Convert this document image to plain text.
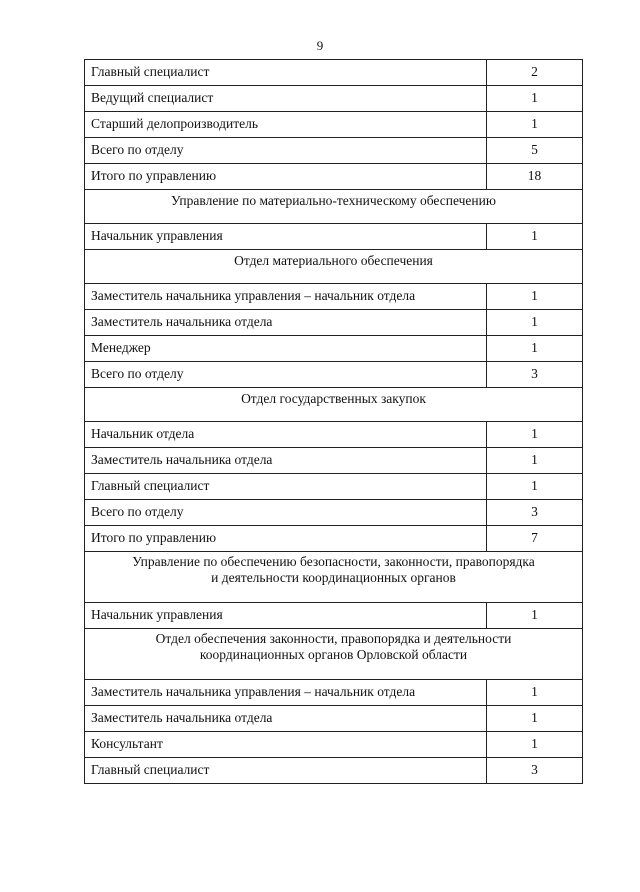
9
Главный специалист	2
Ведущий специалист	1
Старший делопроизводитель	1
Всего по отделу	5
Итого по управлению	18

Управление по материально-техническому обеспечению	

Начальник управления	1

Отдел материального обеспечения	

Заместитель начальника управления – начальник отдела	1
Заместитель начальника отдела	1
Менеджер	1
Всего по отделу	3

Отдел государственных закупок	

Начальник отдела	1
Заместитель начальника отдела	1
Главный специалист	1
Всего по отделу	3
Итого по управлению	7

Управление по обеспечению безопасности, законности, правопорядка
и деятельности координационных органов	

Начальник управления	1

Отдел обеспечения законности, правопорядка и деятельности
координационных органов Орловской области	

Заместитель начальника управления – начальник отдела	1
Заместитель начальника отдела	1
Консультант	1
Главный специалист	3
